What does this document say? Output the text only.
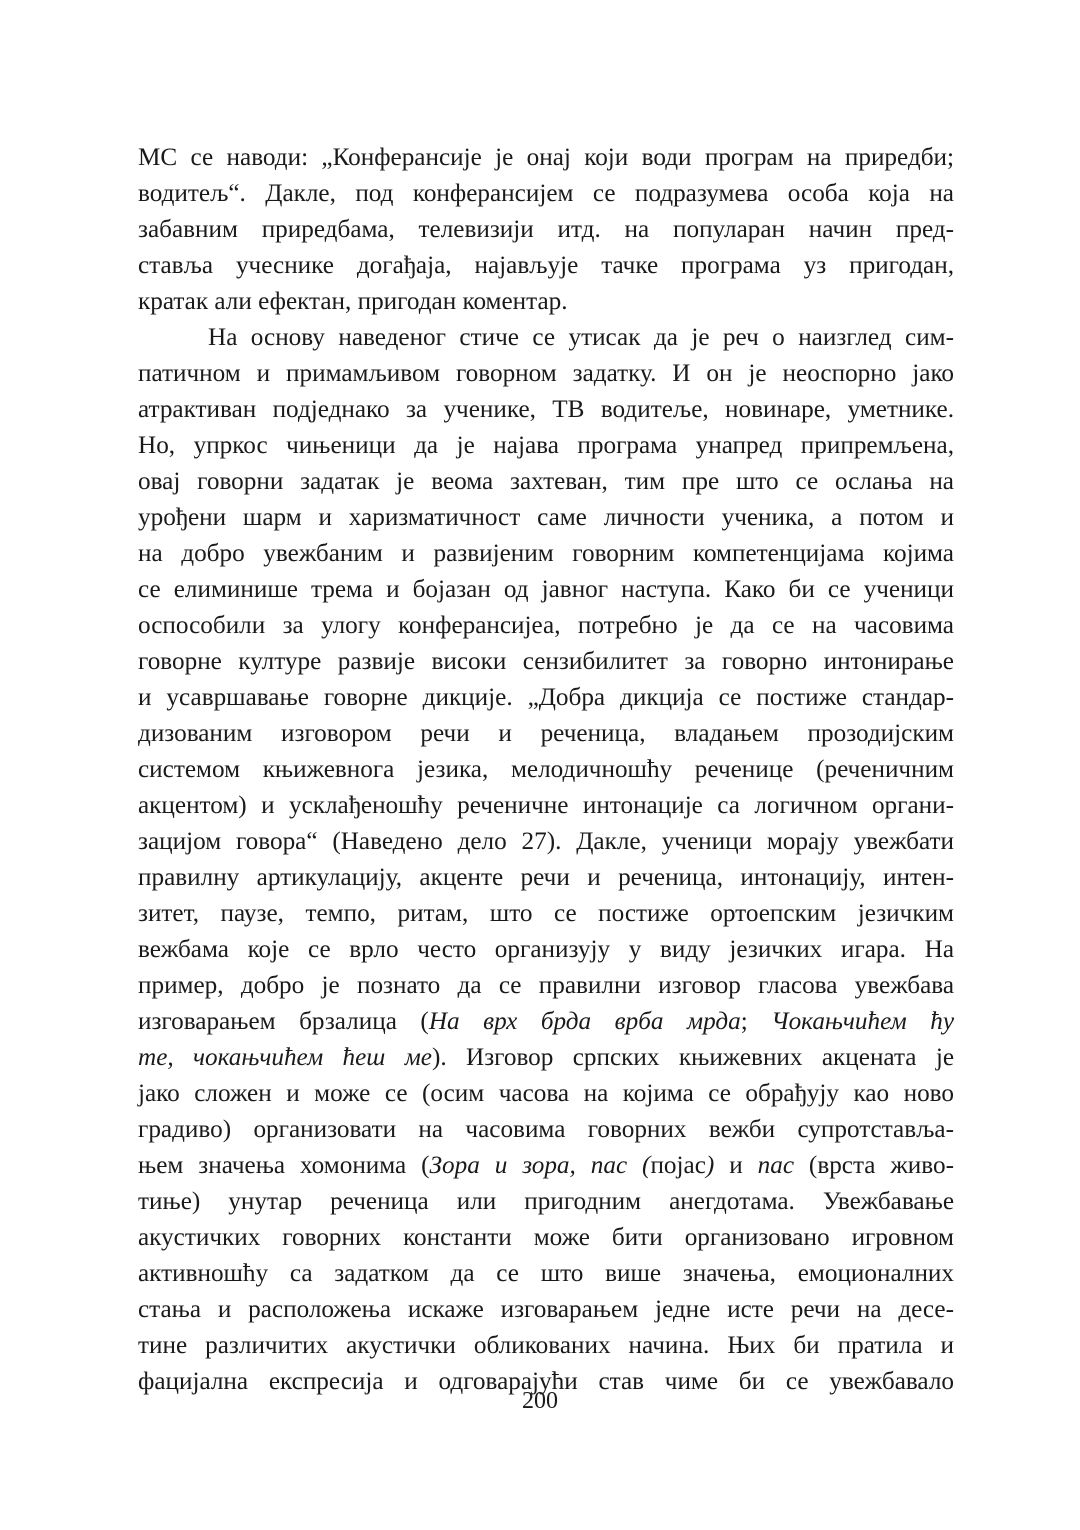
МС се наводи: „Конферансије је онај који води програм на приредби;
водитељ“. Дакле, под конферансијем се подразумева особа која на
забавним приредбама, телевизији итд. на популаран начин пред-
ставља учеснике догађаја, најављује тачке програма уз пригодан,
кратак али ефектан, пригодан коментар.
На основу наведеног стиче се утисак да је реч о наизглед сим-
патичном и примамљивом говорном задатку. И он је неоспорно јако
атрактиван подједнако за ученике, ТВ водитеље, новинаре, уметнике.
Но, упркос чињеници да је најава програма унапред припремљена,
овај говорни задатак је веома захтеван, тим пре што се ослања на
урођени шарм и харизматичност саме личности ученика, а потом и
на добро увежбаним и развијеним говорним компетенцијама којима
се елиминише трема и бојазан од јавног наступа. Како би се ученици
оспособили за улогу конферансијеа, потребно је да се на часовима
говорне културе развије високи сензибилитет за говорно интонирање
и усавршавање говорне дикције. „Добра дикција се постиже стандар-
дизованим изговором речи и реченица, владањем прозодијским
системом књижевнога језика, мелодичношћу реченице (реченичним
акцентом) и усклађеношћу реченичне интонације са логичном органи-
зацијом говора“ (Наведено дело 27). Дакле, ученици морају увежбати
правилну артикулацију, акценте речи и реченица, интонацију, интен-
зитет, паузе, темпо, ритам, што се постиже ортоепским језичким
вежбама које се врло често организују у виду језичких игара. На
пример, добро је познато да се правилни изговор гласова увежбава
изговарањем брзалица (На врх брда врба мрда; Чокањчићем ћу
те, чокањчићем ћеш ме). Изговор српских књижевних акцената је
јако сложен и може се (осим часова на којима се обрађују као ново
градиво) организовати на часовима говорних вежби супротстављa-
њем значења хомонима (Зора и зора, пас (појас) и пас (врста живо-
тиње) унутар реченица или пригодним анегдотама. Увежбавање
акустичких говорних константи може бити организовано игровном
активношћу са задатком да се што више значења, емоционалних
стања и расположења искаже изговарањем једне исте речи на десе-
тине различитих акустички обликованих начина. Њих би пратила и
фацијална експресија и одговарајући став чиме би се увежбавало
200
